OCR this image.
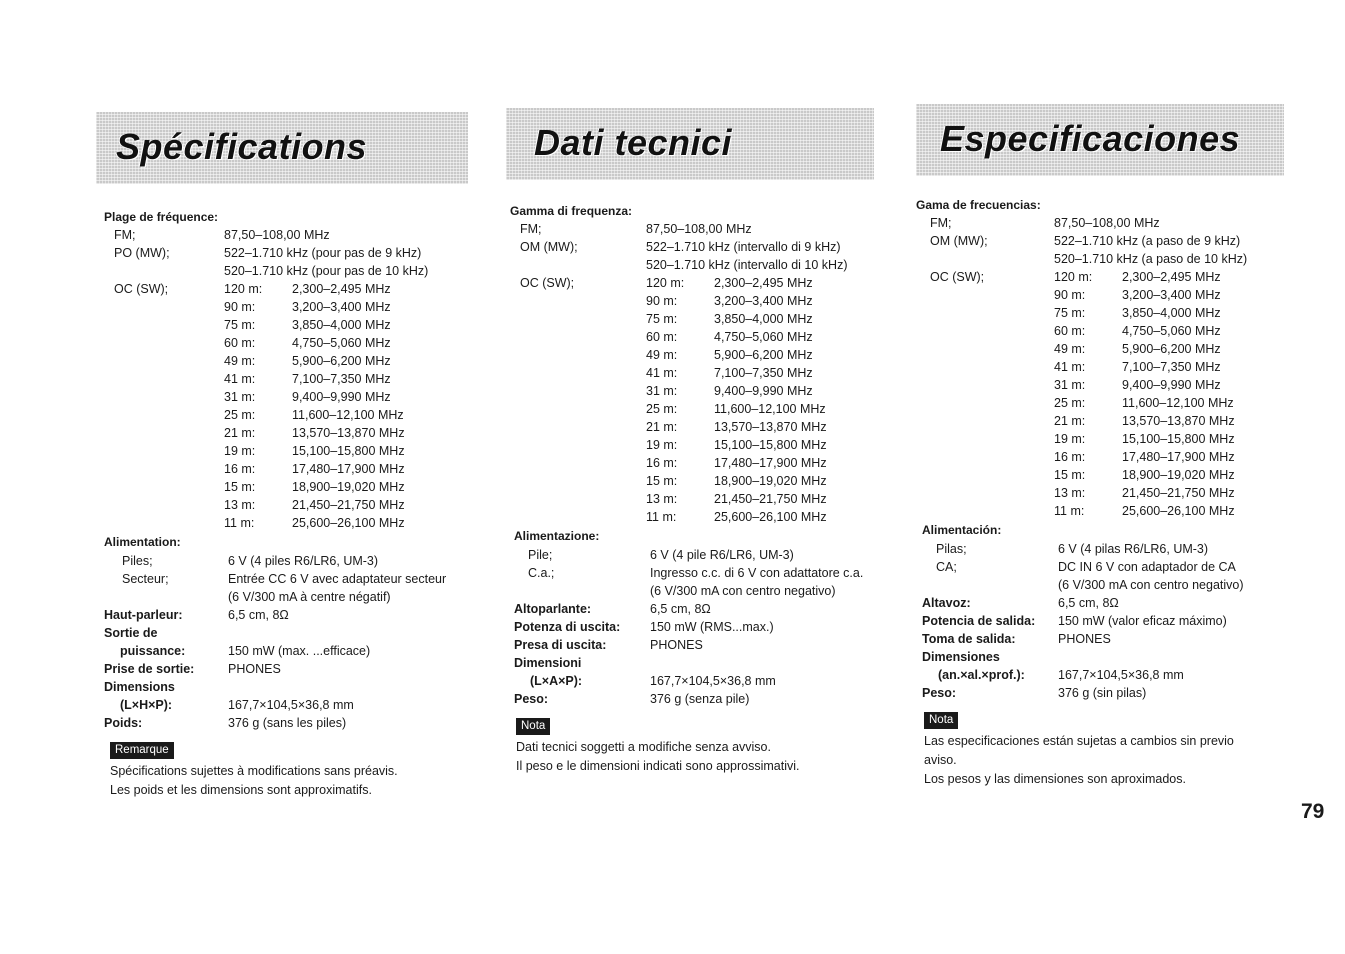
Spécifications	Dati tecnici	Especificaciones
Plage de fréquence:
FM;	87,50–108,00 MHz
PO (MW);	522–1.710 kHz (pour pas de 9 kHz)
520–1.710 kHz (pour pas de 10 kHz)
OC (SW);	120 m: 2,300–2,495 MHz
90 m:	3,200–3,400 MHz
75 m:	3,850–4,000 MHz
60 m:	4,750–5,060 MHz
49 m:	5,900–6,200 MHz
41 m:	7,100–7,350 MHz
31 m:	9,400–9,990 MHz
25 m:	11,600–12,100 MHz
21 m:	13,570–13,870 MHz
19 m:	15,100–15,800 MHz
16 m:	17,480–17,900 MHz
15 m:	18,900–19,020 MHz
13 m:	21,450–21,750 MHz
11 m:	25,600–26,100 MHz
Alimentation:
Piles;	6 V (4 piles R6/LR6, UM-3)
Secteur;	Entrée CC 6 V avec adaptateur secteur
(6 V/300 mA à centre négatif)
Haut-parleur:	6,5 cm, 8Ω
Sortie de
puissance:	150 mW (max. ...efficace)
Prise de sortie:	PHONES
Dimensions
(L×H×P):	167,7×104,5×36,8 mm
Poids:	376 g (sans les piles)
Remarque
Spécifications sujettes à modifications sans préavis.
Les poids et les dimensions sont approximatifs.
Gamma di frequenza:
FM;	87,50–108,00 MHz
OM (MW);	522–1.710 kHz (intervallo di 9 kHz)
520–1.710 kHz (intervallo di 10 kHz)
OC (SW);	120 m: 2,300–2,495 MHz
90 m:	3,200–3,400 MHz
75 m:	3,850–4,000 MHz
60 m:	4,750–5,060 MHz
49 m:	5,900–6,200 MHz
41 m:	7,100–7,350 MHz
31 m:	9,400–9,990 MHz
25 m:	11,600–12,100 MHz
21 m:	13,570–13,870 MHz
19 m:	15,100–15,800 MHz
16 m:	17,480–17,900 MHz
15 m:	18,900–19,020 MHz
13 m:	21,450–21,750 MHz
11 m:	25,600–26,100 MHz
Alimentazione:
Pile;	6 V (4 pile R6/LR6, UM-3)
C.a.;	Ingresso c.c. di 6 V con adattatore c.a.
(6 V/300 mA con centro negativo)
Altoparlante:	6,5 cm, 8Ω
Potenza di uscita: 150 mW (RMS...max.)
Presa di uscita:	PHONES
Dimensioni
(L×A×P):	167,7×104,5×36,8 mm
Peso:	376 g (senza pile)
Nota
Dati tecnici soggetti a modifiche senza avviso.
Il peso e le dimensioni indicati sono approssimativi.
Gama de frecuencias:
FM;	87,50–108,00 MHz
OM (MW);	522–1.710 kHz (a paso de 9 kHz)
520–1.710 kHz (a paso de 10 kHz)
OC (SW);	120 m: 2,300–2,495 MHz
90 m:	3,200–3,400 MHz
75 m:	3,850–4,000 MHz
60 m:	4,750–5,060 MHz
49 m:	5,900–6,200 MHz
41 m:	7,100–7,350 MHz
31 m:	9,400–9,990 MHz
25 m:	11,600–12,100 MHz
21 m:	13,570–13,870 MHz
19 m:	15,100–15,800 MHz
16 m:	17,480–17,900 MHz
15 m:	18,900–19,020 MHz
13 m:	21,450–21,750 MHz
11 m:	25,600–26,100 MHz
Alimentación:
Pilas;	6 V (4 pilas R6/LR6, UM-3)
CA;	DC IN 6 V con adaptador de CA
(6 V/300 mA con centro negativo)
Altavoz:	6,5 cm, 8Ω
Potencia de salida: 150 mW (valor eficaz máximo)
Toma de salida:	PHONES
Dimensiones
(an.×al.×prof.):	167,7×104,5×36,8 mm
Peso:	376 g (sin pilas)
Nota
Las especificaciones están sujetas a cambios sin previo
aviso.
Los pesos y las dimensiones son aproximados.
79
